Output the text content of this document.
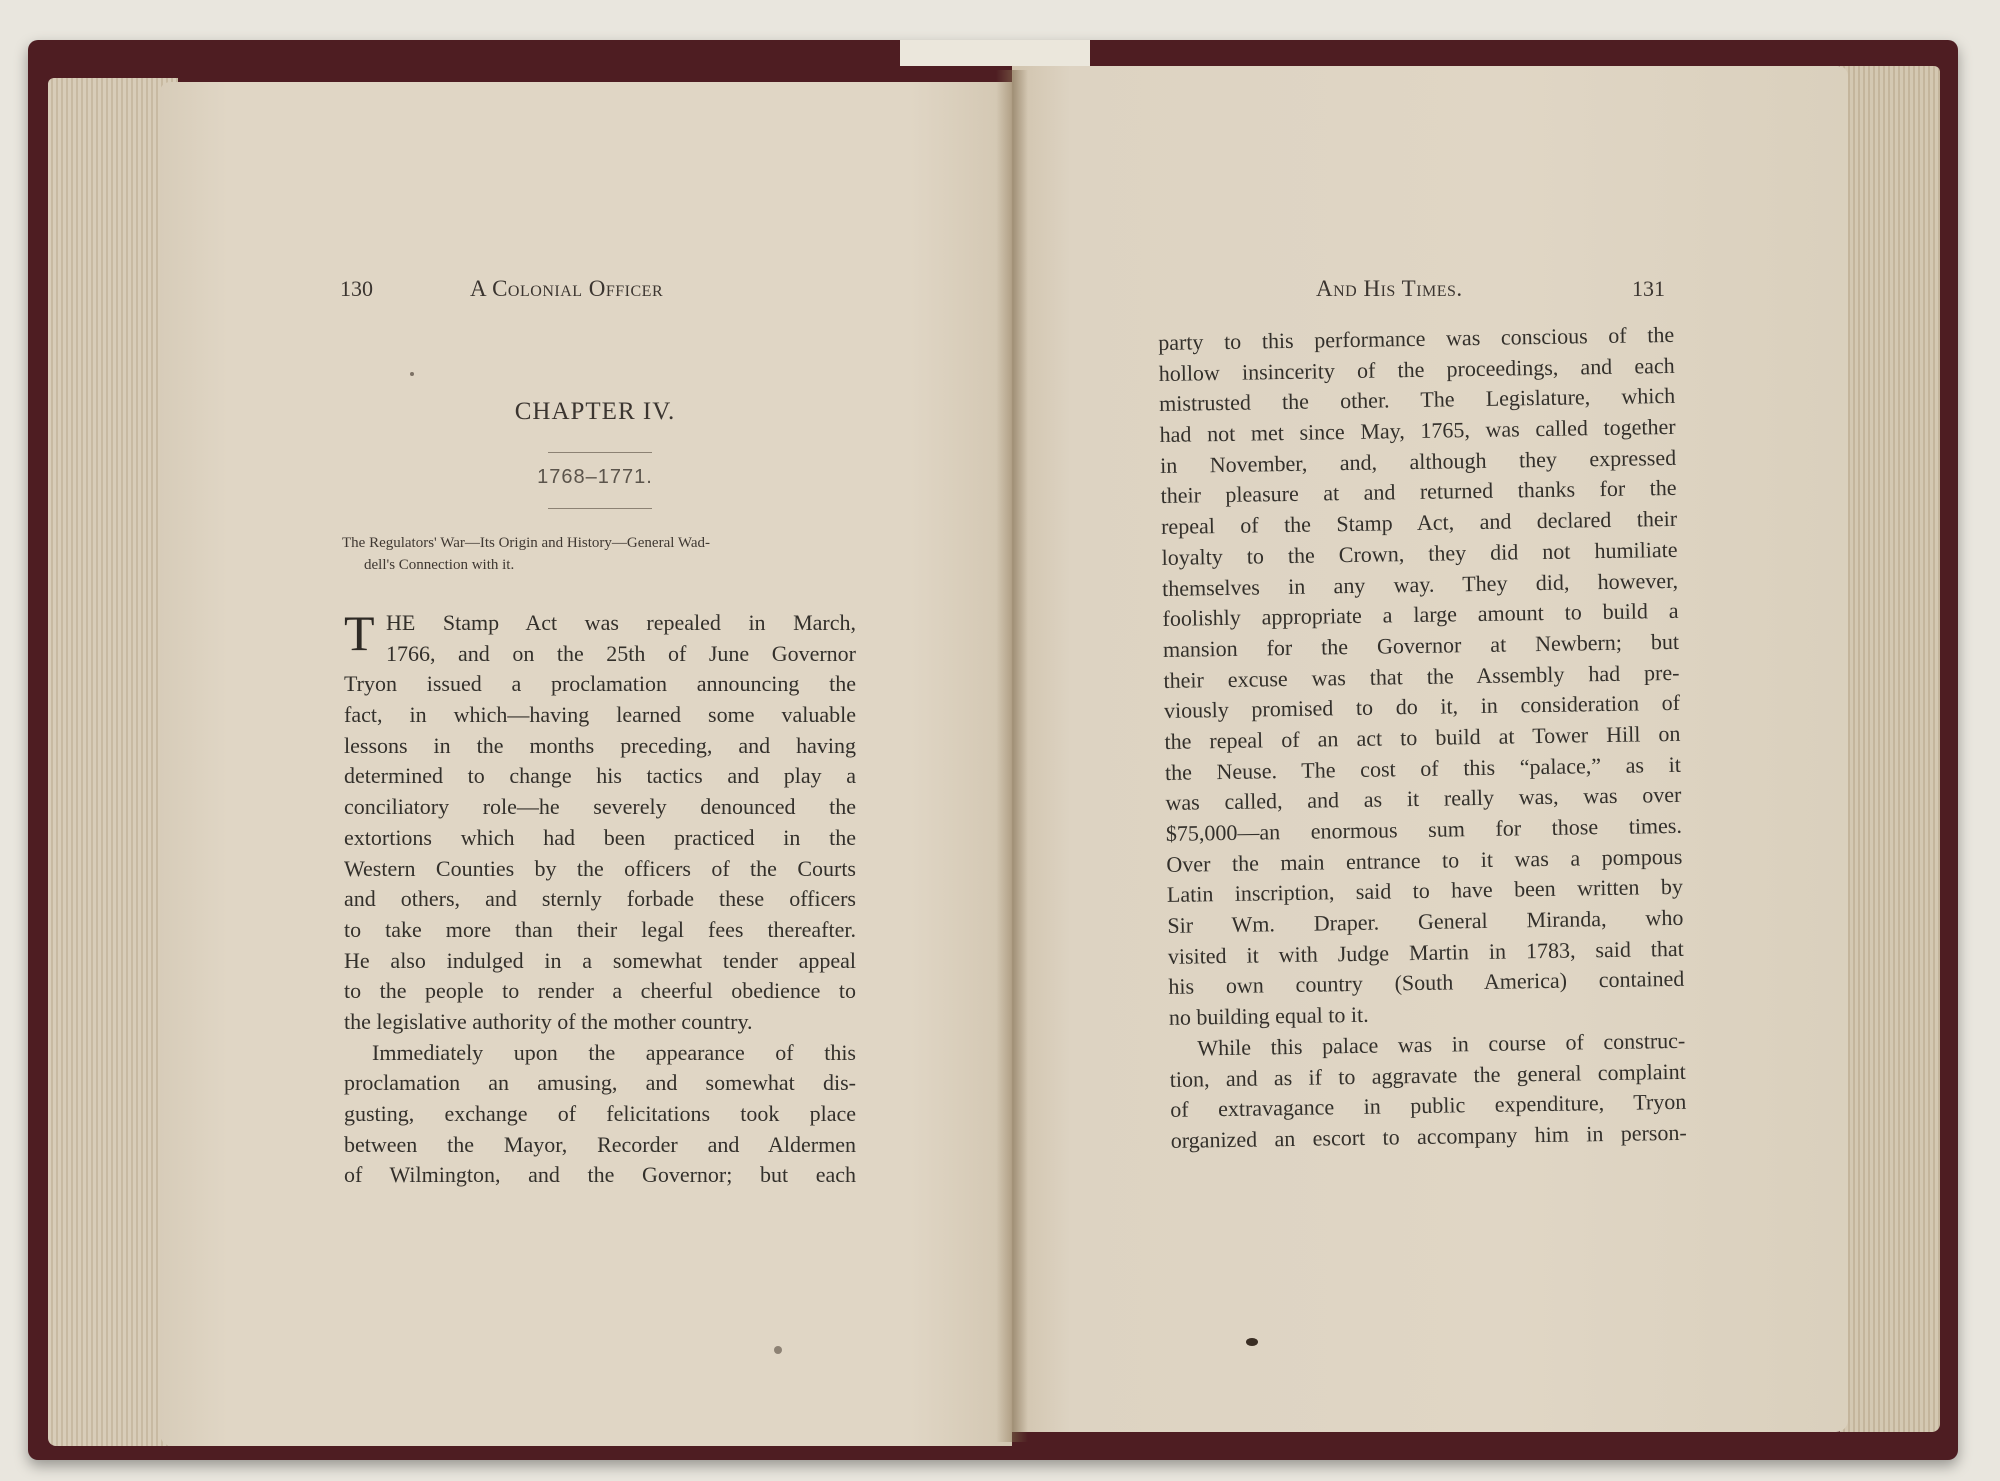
130	A Colonial Officer	And His Times.	131
CHAPTER IV.
1768–1771.
The Regulators' War—Its Origin and History—General Wad-
dell's Connection with it.
T HE Stamp Act was repealed in March,
1766, and on the 25th of June Governor
Tryon issued a proclamation announcing the
fact, in which—having learned some valuable
lessons in the months preceding, and having
determined to change his tactics and play a
conciliatory role—he severely denounced the
extortions which had been practiced in the
Western Counties by the officers of the Courts
and others, and sternly forbade these officers
to take more than their legal fees thereafter.
He also indulged in a somewhat tender appeal
to the people to render a cheerful obedience to
the legislative authority of the mother country.
Immediately upon the appearance of this
proclamation an amusing, and somewhat dis-
gusting, exchange of felicitations took place
between the Mayor, Recorder and Aldermen
of Wilmington, and the Governor; but each
party to this performance was conscious of the
hollow insincerity of the proceedings, and each
mistrusted the other. The Legislature, which
had not met since May, 1765, was called together
in November, and, although they expressed
their pleasure at and returned thanks for the
repeal of the Stamp Act, and declared their
loyalty to the Crown, they did not humiliate
themselves in any way. They did, however,
foolishly appropriate a large amount to build a
mansion for the Governor at Newbern; but
their excuse was that the Assembly had pre-
viously promised to do it, in consideration of
the repeal of an act to build at Tower Hill on
the Neuse. The cost of this “palace,” as it
was called, and as it really was, was over
$75,000—an enormous sum for those times.
Over the main entrance to it was a pompous
Latin inscription, said to have been written by
Sir Wm. Draper. General Miranda, who
visited it with Judge Martin in 1783, said that
his own country (South America) contained
no building equal to it.
While this palace was in course of construc-
tion, and as if to aggravate the general complaint
of extravagance in public expenditure, Tryon
organized an escort to accompany him in person-
